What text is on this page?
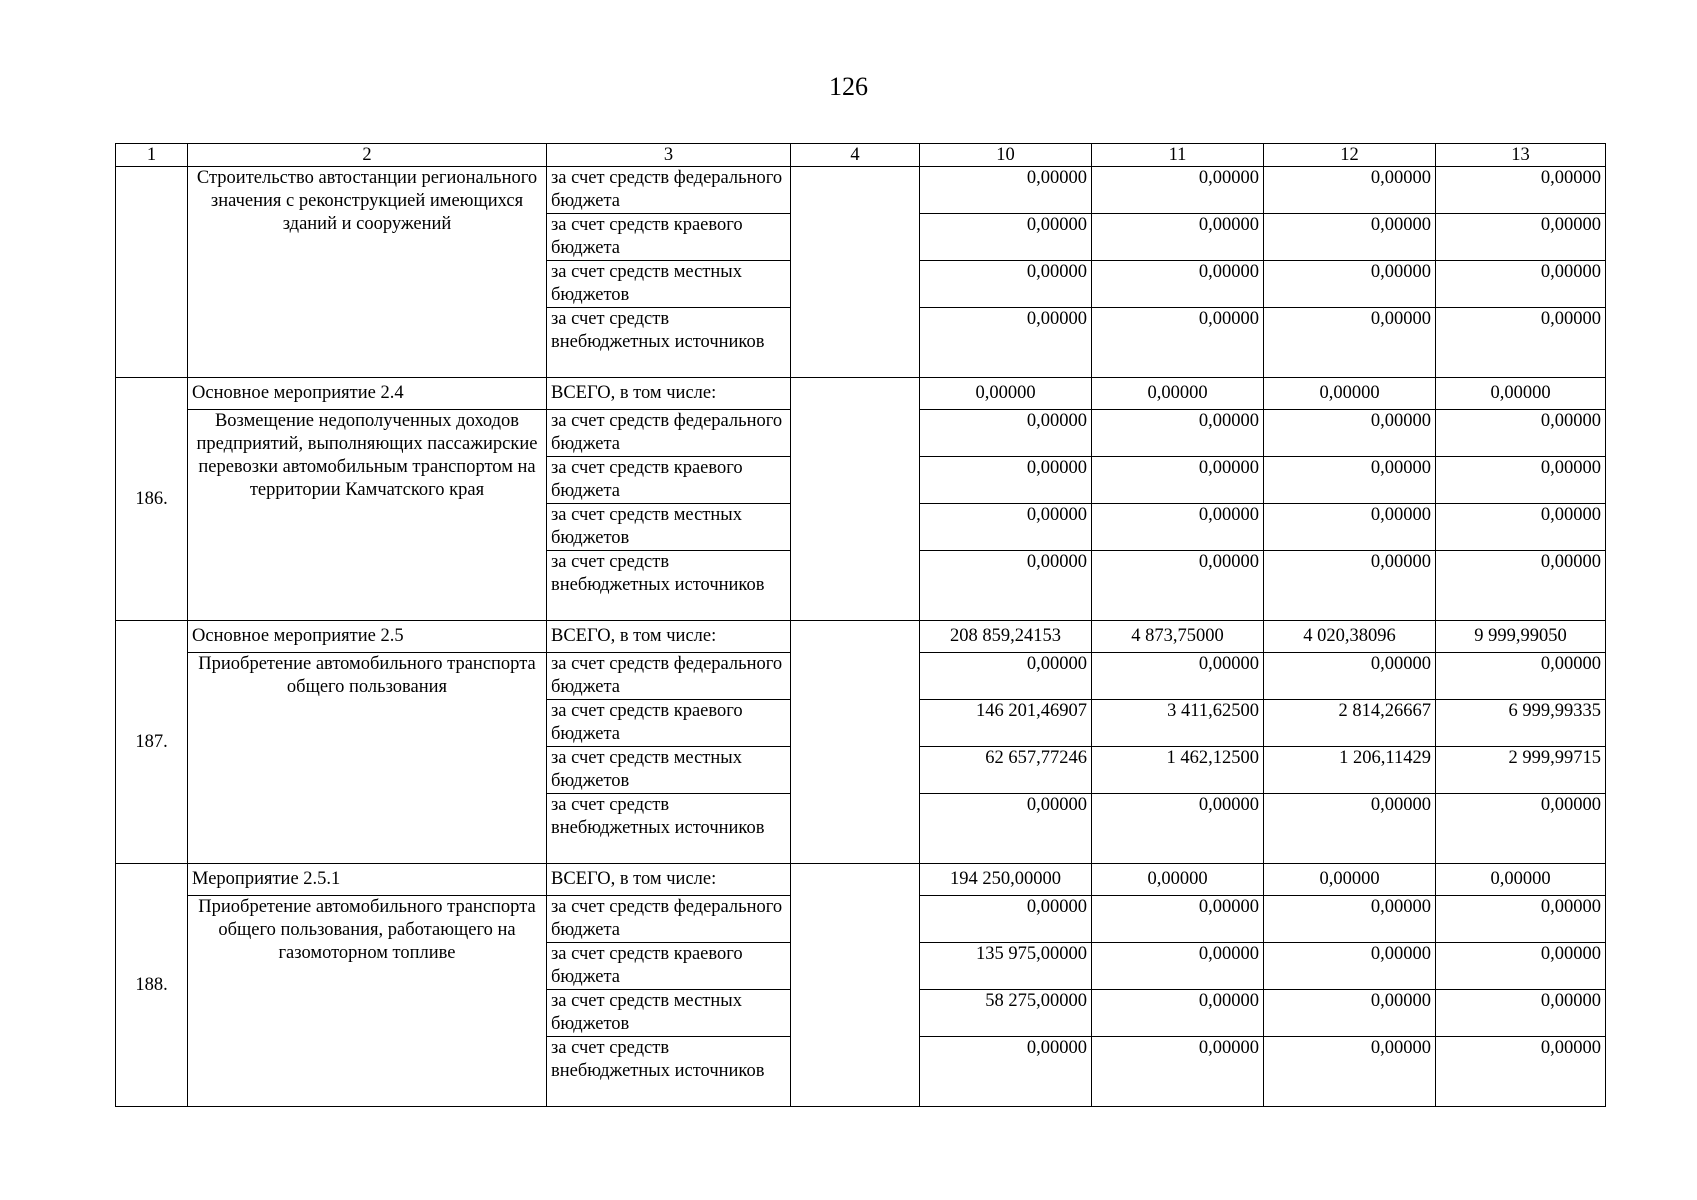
126
1	2	3	4	10	11	12	13
	Строительство автостанции регионального значения с реконструкцией имеющихся зданий и сооружений	за счет средств федерального бюджета		0,00000	0,00000	0,00000	0,00000
		за счет средств краевого бюджета		0,00000	0,00000	0,00000	0,00000
		за счет средств местных бюджетов		0,00000	0,00000	0,00000	0,00000
		за счет средств внебюджетных источников		0,00000	0,00000	0,00000	0,00000
186.	Основное мероприятие 2.4	ВСЕГО, в том числе:		0,00000	0,00000	0,00000	0,00000
	Возмещение недополученных доходов предприятий, выполняющих пассажирские перевозки автомобильным транспортом на территории Камчатского края	за счет средств федерального бюджета		0,00000	0,00000	0,00000	0,00000
		за счет средств краевого бюджета		0,00000	0,00000	0,00000	0,00000
		за счет средств местных бюджетов		0,00000	0,00000	0,00000	0,00000
		за счет средств внебюджетных источников		0,00000	0,00000	0,00000	0,00000
187.	Основное мероприятие 2.5	ВСЕГО, в том числе:		208 859,24153	4 873,75000	4 020,38096	9 999,99050
	Приобретение автомобильного транспорта общего пользования	за счет средств федерального бюджета		0,00000	0,00000	0,00000	0,00000
		за счет средств краевого бюджета		146 201,46907	3 411,62500	2 814,26667	6 999,99335
		за счет средств местных бюджетов		62 657,77246	1 462,12500	1 206,11429	2 999,99715
		за счет средств внебюджетных источников		0,00000	0,00000	0,00000	0,00000
188.	Мероприятие 2.5.1	ВСЕГО, в том числе:		194 250,00000	0,00000	0,00000	0,00000
	Приобретение автомобильного транспорта общего пользования, работающего на газомоторном топливе	за счет средств федерального бюджета		0,00000	0,00000	0,00000	0,00000
		за счет средств краевого бюджета		135 975,00000	0,00000	0,00000	0,00000
		за счет средств местных бюджетов		58 275,00000	0,00000	0,00000	0,00000
		за счет средств внебюджетных источников		0,00000	0,00000	0,00000	0,00000
